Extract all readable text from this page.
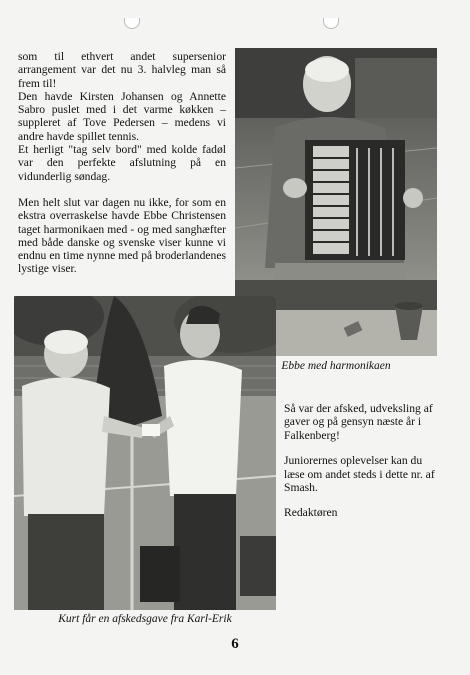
som til ethvert andet supersenior arrangement var det nu 3. halvleg man så frem til!

Den havde Kirsten Johansen og Annette Sabro puslet med i det varme køkken – suppleret af Tove Pedersen – medens vi andre havde spillet tennis.

Et herligt "tag selv bord" med kolde fadøl var den perfekte afslutning på en vidunderlig søndag.

Men helt slut var dagen nu ikke, for som en ekstra overraskelse havde Ebbe Christensen taget harmonikaen med - og med sanghæfter med både danske og svenske viser kunne vi endnu en time nynne med på broderlandenes lystige viser.

Ebbe med harmonikaen
Kurt får en afskedsgave fra Karl-Erik

Så var der afsked, udveksling af gaver og på gensyn næste år i Falkenberg!

Juniorernes oplevelser kan du læse om andet steds i dette nr. af Smash.

Redaktøren

6
